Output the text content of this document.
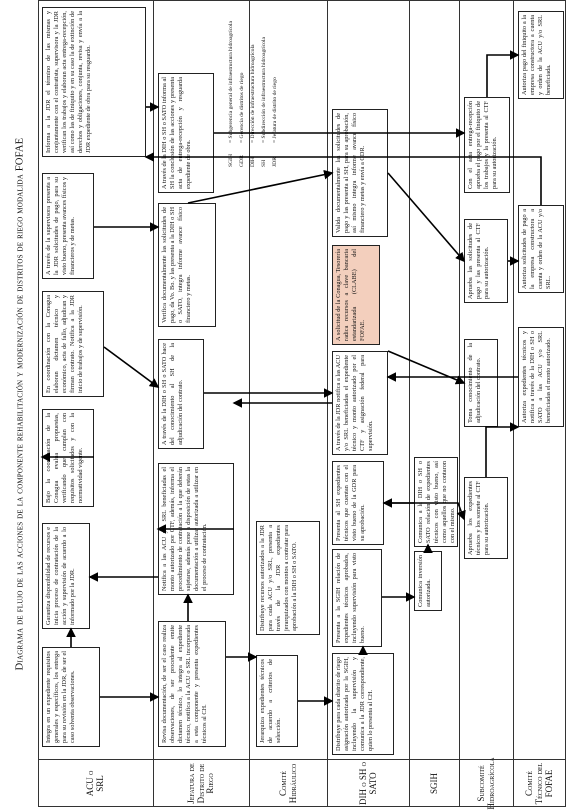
Diagrama de flujo de las acciones de la componente rehabilitación y modernización de distritos de riego modalida FOFAE
ACU o SRL	Jefatura de Distrito de Riego	Comité Hidráulico	DIH o SH o SATO	SGIH	Subcomité Hidroagrícola	Comité Técnico del FOFAE
Integra en un expediente requisitos generales y específicos, los entrega para su revisión en la JDR, de ser el caso solventa observaciones.
Garantiza disponibilidad de recursos e inicia proceso de contratación de la acción y supervisión de acuerdo a lo informado por la JDR.
Bajo la coordinación de la Conagua evalúa propuestas, verificando que cumplan con requisitos solicitados y con la normatividad vigente.
En coordinación con la Conagua elaboran dictamen técnico y económico, acta de fallo, adjudican y firman contrato. Notifica a la JDR inicio de trabajos y de supervisión.
A través de la supervisora presenta a la JDR solicitudes de pago, para su visto bueno, presenta avances físicos y financieros y de metas.
Informa a la JDR el término de las mismas y conjuntamente con el contratista, supervisora y la JDR verifican los trabajos y elaboran acta entrega-recepción, así como las de finiquito y en su caso la de extinción de derechos y obligaciones, conjunta, revisa y envía a la JDR expediente de obra para su resguardo.
Revisa documentación, de ser el caso realiza observaciones, de ser procedente emite dictamen técnico, lo integra al expediente técnico, notifica a la ACU o SRL incorporada a esta componente y presenta expedientes técnicos al CH.
Notifica a las ACU y/o SRL beneficiadas el monto autorizado por CTF, además, informa el procedimiento de contratación a la que deberán sujetarse, además pone a disposición de estas la documentación a utilizar autorizada a utilizar en el proceso de contratación.
A través de la DIH o SH o SATO hace del conocimiento al SH de la adjudicación del contrato.
Verifica documentalmente las solicitudes de pago, da Vo. Bo. y las presenta a la DIH o SH o SATO, integra informe avance físico financiero y metas.
A través de la DIH o SH o SATO informa al SH la conclusión de las acciones y presenta acta de entrega-recepción y resguarda expediente de obra.
Jerarquiza expedientes técnicos de acuerdo a criterios de selección.
Distribuye recursos autorizados a la JDR para cada ACU y/o SRL, presenta a través de la JDR expedientes jerarquizados con montos a contratar para aprobación a la DIH o SH o SATO.
Distribuye para cada distrito de riego asignación autorizada por la SGIH, incluyendo la supervisión y comunica a la JDR correspondiente, quien lo presenta al CH.
Presenta a la SGIH relación de expedientes técnicos aprobados, incluyendo supervisión para visto bueno.
Presenta al SH expedientes técnicos que cuentan con el visto bueno de la GDR para su aprobación.
A través de la JDR notifica a las ACU y/o SRL beneficiadas el expediente técnico y monto autorizado por el CTF y asignación federal para supervisión.
A solicitud de la Conagua, Tesorería radica recursos a clave bancaria estandarizada (CLABE) del FOFAE.
Valida documentalmente las solicitudes de pago y las presenta al SH, para su aprobación, así mismo integra informe avance físico financiero y metas y envía a GDR.
Comunica inversión autorizada.
Comunica a la DIH o SH o SATO relación de expedientes técnicos con visto bueno, así como aquellos que no contaron con el mismo.	Aprueba los expedientes técnicos y los somete al CTF para su autorización.
Toma conocimiento de la adjudicación del contrato.
Aprueba las solicitudes de pago y las presenta al CTF para su autorización.
Con el acta entrega-recepción aprueba el pago por el finiquito de los trabajos y la presenta al CTF para su autorización.
Autoriza expedientes técnicos y notifica a través de la DIH o SH o SATO a las ACU y/o SRL beneficiadas el monto autorizado.
Autoriza solicitudes de pago a la empresa constructora a cuenta y orden de la ACU y/o SRL.
Autoriza pago del finiquito a la empresa constructora a cuenta y orden de la ACU y/o SRL beneficiada.
SGIH= Subgerencia general de infraestructura hidroagrícola
GDR= Gerencia de distritos de riego
DIH= Dirección de infraestructura hidroagrícola
SH= Subdirección de infraestructura hidroagrícola
JDR= Jefatura de distrito de riego
